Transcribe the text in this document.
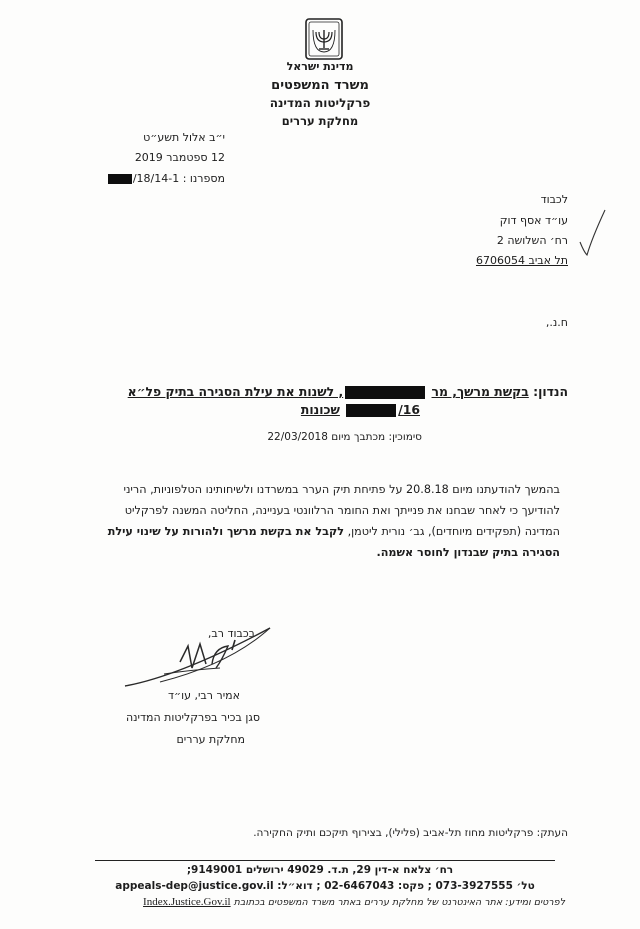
מדינת ישראל
משרד המשפטים
פרקליטות המדינה
מחלקת עררים
י״ב אלול תשע״ט
12 ספטמבר 2019
מספרנו : 1-/18/14
לכבוד
עו״ד אסף דוק
רח׳ השלושה 2
תל אביב 6706054
ח.נ.,
הנדון: בקשת מרשך, מר , לשנות את עילת הסגירה בתיק פל״א
/16 שכונות
סימוכין: מכתבך מיום 22/03/2018
בהמשך להודעתנו מיום 20.8.18 על פתיחת תיק הערר במשרדנו ולשיחותינו הטלפוניות, הריני
להודיעך כי לאחר שבחנו את פנייתך ואת החומר הרלוונטי בעניינה, החליטה המשנה לפרקליט
המדינה (תפקידים מיוחדים), גב׳ נורית ליטמן, לקבל את בקשת מרשך ולהורות על שינוי עילת
הסגירה בתיק שבנדון לחוסר אשמה.
בכבוד רב,
אמיר רבי, עו״ד
סגן בכיר בפרקליטות המדינה
מחלקת עררים
העתק: פרקליטות מחוז תל-אביב (פלילי), בצירוף תיקכם ותיק החקירה.
רח׳ צלאח א-דין 29, ת.ד. 49029 ירושלים 9149001;
טל׳ 073-3927555 ; פקס: 02-6467043 ; דוא״ל: appeals-dep@justice.gov.il
לפרטים ומידע: אתר האינטרנט של מחלקת עררים באתר משרד המשפטים בכתובת Index.Justice.Gov.il
